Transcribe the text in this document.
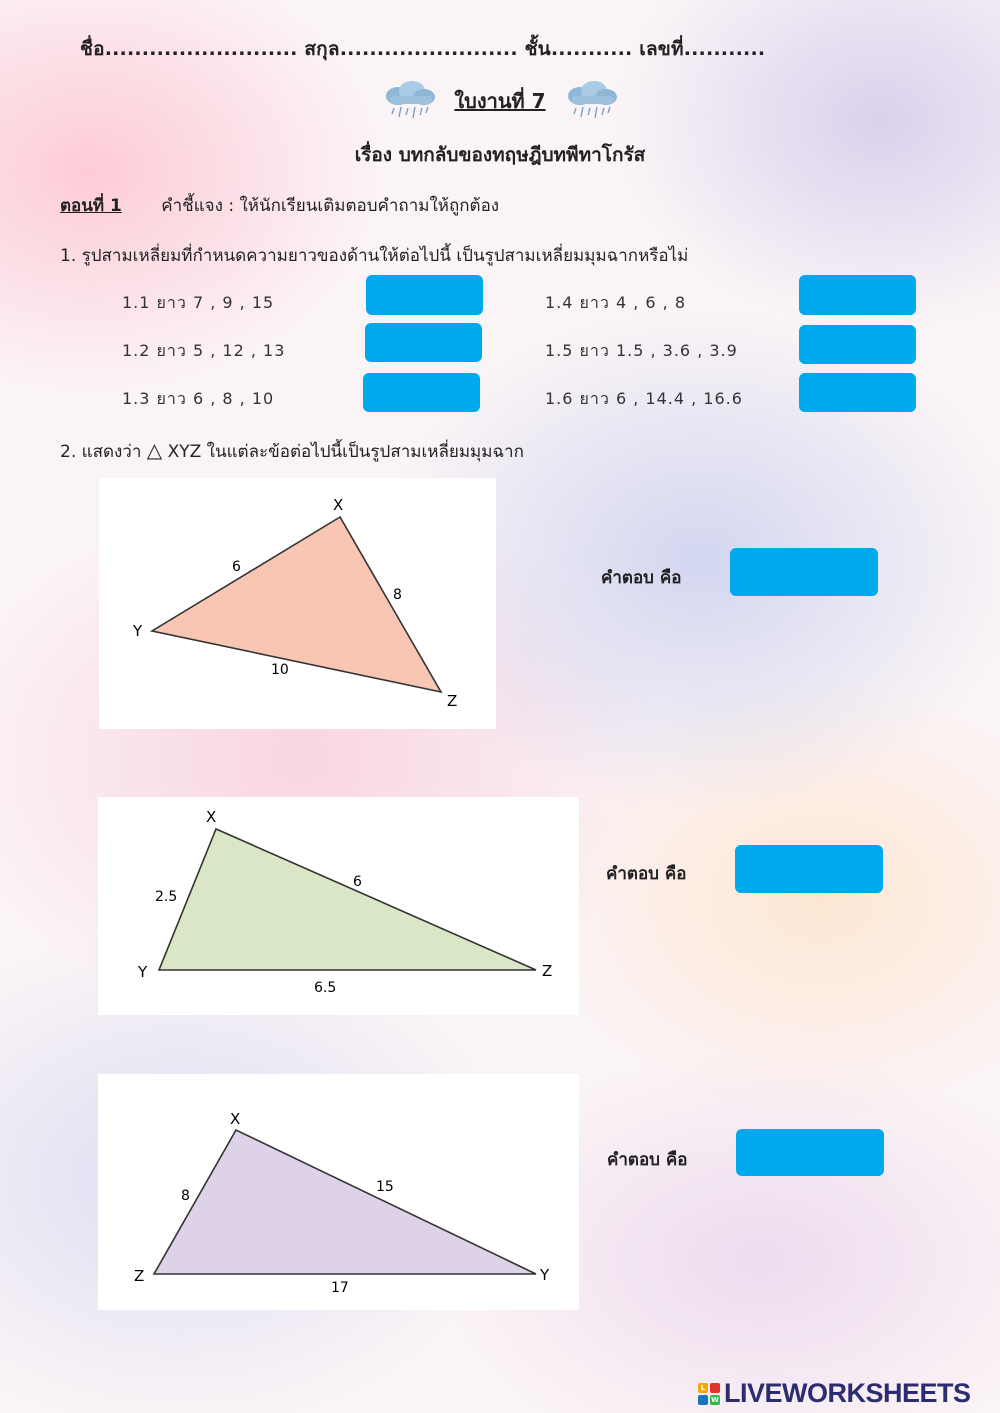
ชื่อ.......................... สกุล........................ ชั้น........... เลขที่...........
ใบงานที่ 7
เรื่อง บทกลับของทฤษฎีบทพีทาโกรัส
ตอนที่ 1 คำชี้แจง : ให้นักเรียนเติมตอบคำถามให้ถูกต้อง
1. รูปสามเหลี่ยมที่กำหนดความยาวของด้านให้ต่อไปนี้ เป็นรูปสามเหลี่ยมมุมฉากหรือไม่
1.1 ยาว 7 , 9 , 15
1.2 ยาว 5 , 12 , 13
1.3 ยาว 6 , 8 , 10
1.4 ยาว 4 , 6 , 8
1.5 ยาว 1.5 , 3.6 , 3.9
1.6 ยาว 6 , 14.4 , 16.6
2. แสดงว่า △ XYZ ในแต่ละข้อต่อไปนี้เป็นรูปสามเหลี่ยมมุมฉาก
X
Y
Z
6
8
10
คำตอบ คือ
X
Y	Z
2.5
6
6.5
คำตอบ คือ
X
Z	Y
8
15
17
คำตอบ คือ
L
W LIVEWORKSHEETS
